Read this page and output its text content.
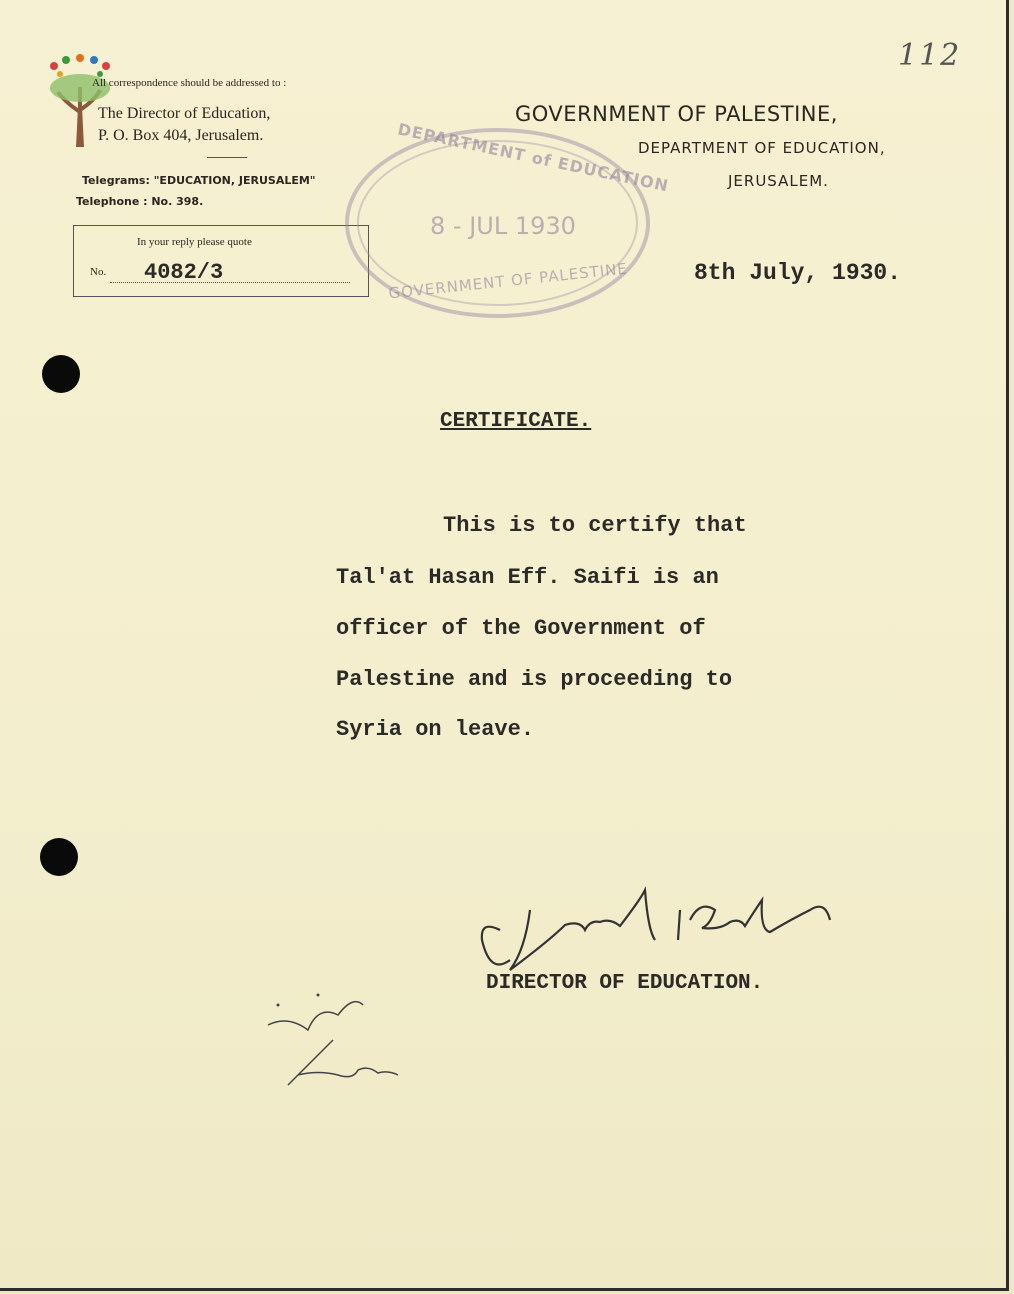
112
All correspondence should be addressed to :
The Director of Education,
P. O. Box 404, Jerusalem.
Telegrams: "EDUCATION, JERUSALEM"
Telephone : No. 398.
In your reply please quote
No. 4082/3
GOVERNMENT OF PALESTINE,
DEPARTMENT OF EDUCATION,
JERUSALEM.
DEPARTMENT of EDUCATION
8 - JUL 1930
GOVERNMENT OF PALESTINE	8th July, 1930.
CERTIFICATE.
This is to certify that
Tal'at Hasan Eff. Saifi is an
officer of the Government of
Palestine and is proceeding to
Syria on leave.
DIRECTOR OF EDUCATION.
